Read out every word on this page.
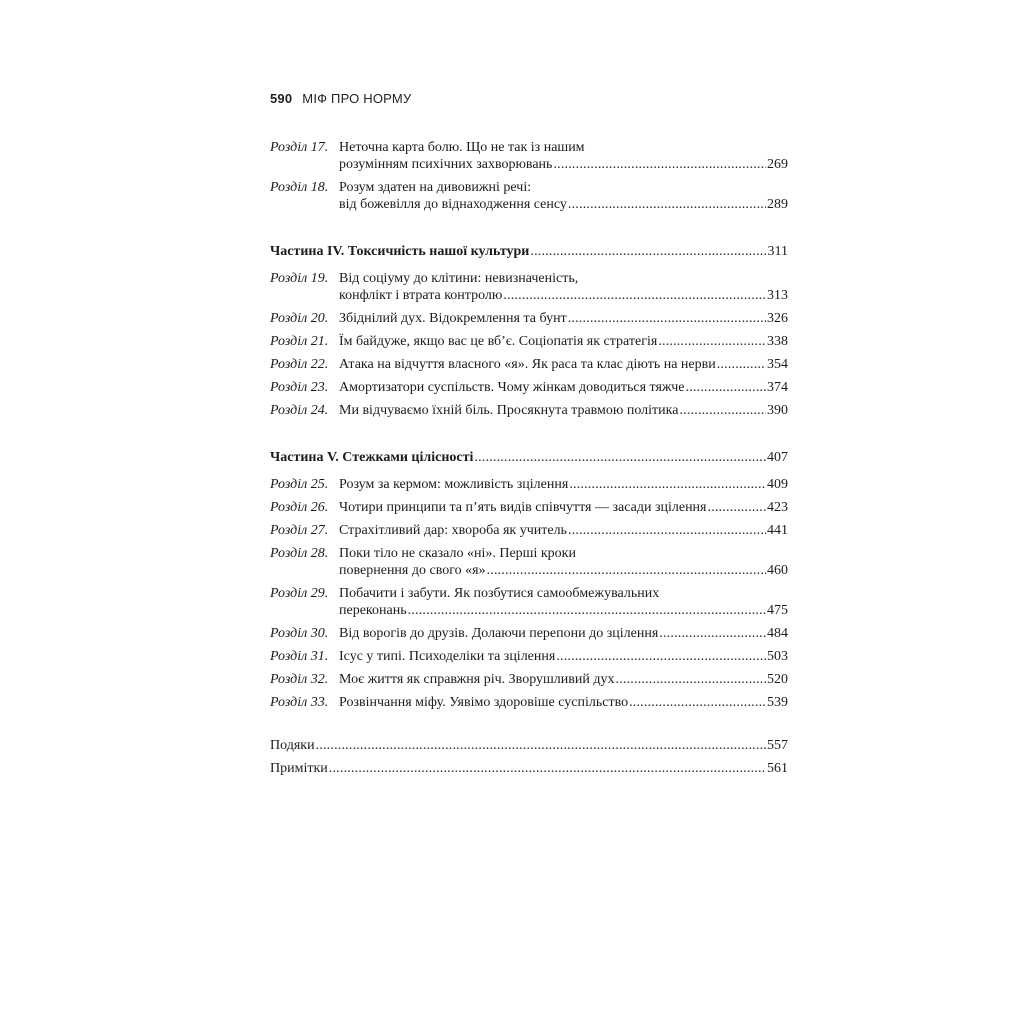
590 МІФ ПРО НОРМУ
Розділ 17. Неточна карта болю. Що не так із нашим
розумінням психічних захворювань .....	269
Розділ 18. Розум здатен на дивовижні речі:
від божевілля до віднаходження сенсу .....	289
Частина IV. Токсичність нашої культури .....	311
Розділ 19. Від соціуму до клітини: невизначеність,
конфлікт і втрата контролю .....	313
Розділ 20. Збіднілий дух. Відокремлення та бунт .....	326
Розділ 21. Їм байдуже, якщо вас це вб’є. Соціопатія як стратегія .....	338
Розділ 22. Атака на відчуття власного «я». Як раса та клас діють на нерви .....	354
Розділ 23. Амортизатори суспільств. Чому жінкам доводиться тяжче .....	374
Розділ 24. Ми відчуваємо їхній біль. Просякнута травмою політика .....	390
Частина V. Стежками цілісності .....	407
Розділ 25. Розум за кермом: можливість зцілення .....	409
Розділ 26. Чотири принципи та п’ять видів співчуття — засади зцілення .....	423
Розділ 27. Страхітливий дар: хвороба як учитель .....	441
Розділ 28. Поки тіло не сказало «ні». Перші кроки
повернення до свого «я» .....	460
Розділ 29. Побачити і забути. Як позбутися самообмежувальних
переконань .....	475
Розділ 30. Від ворогів до друзів. Долаючи перепони до зцілення .....	484
Розділ 31. Ісус у типі. Психоделіки та зцілення .....	503
Розділ 32. Моє життя як справжня річ. Зворушливий дух .....	520
Розділ 33. Розвінчання міфу. Уявімо здоровіше суспільство .....	539
Подяки .....	557
Примітки .....	561
